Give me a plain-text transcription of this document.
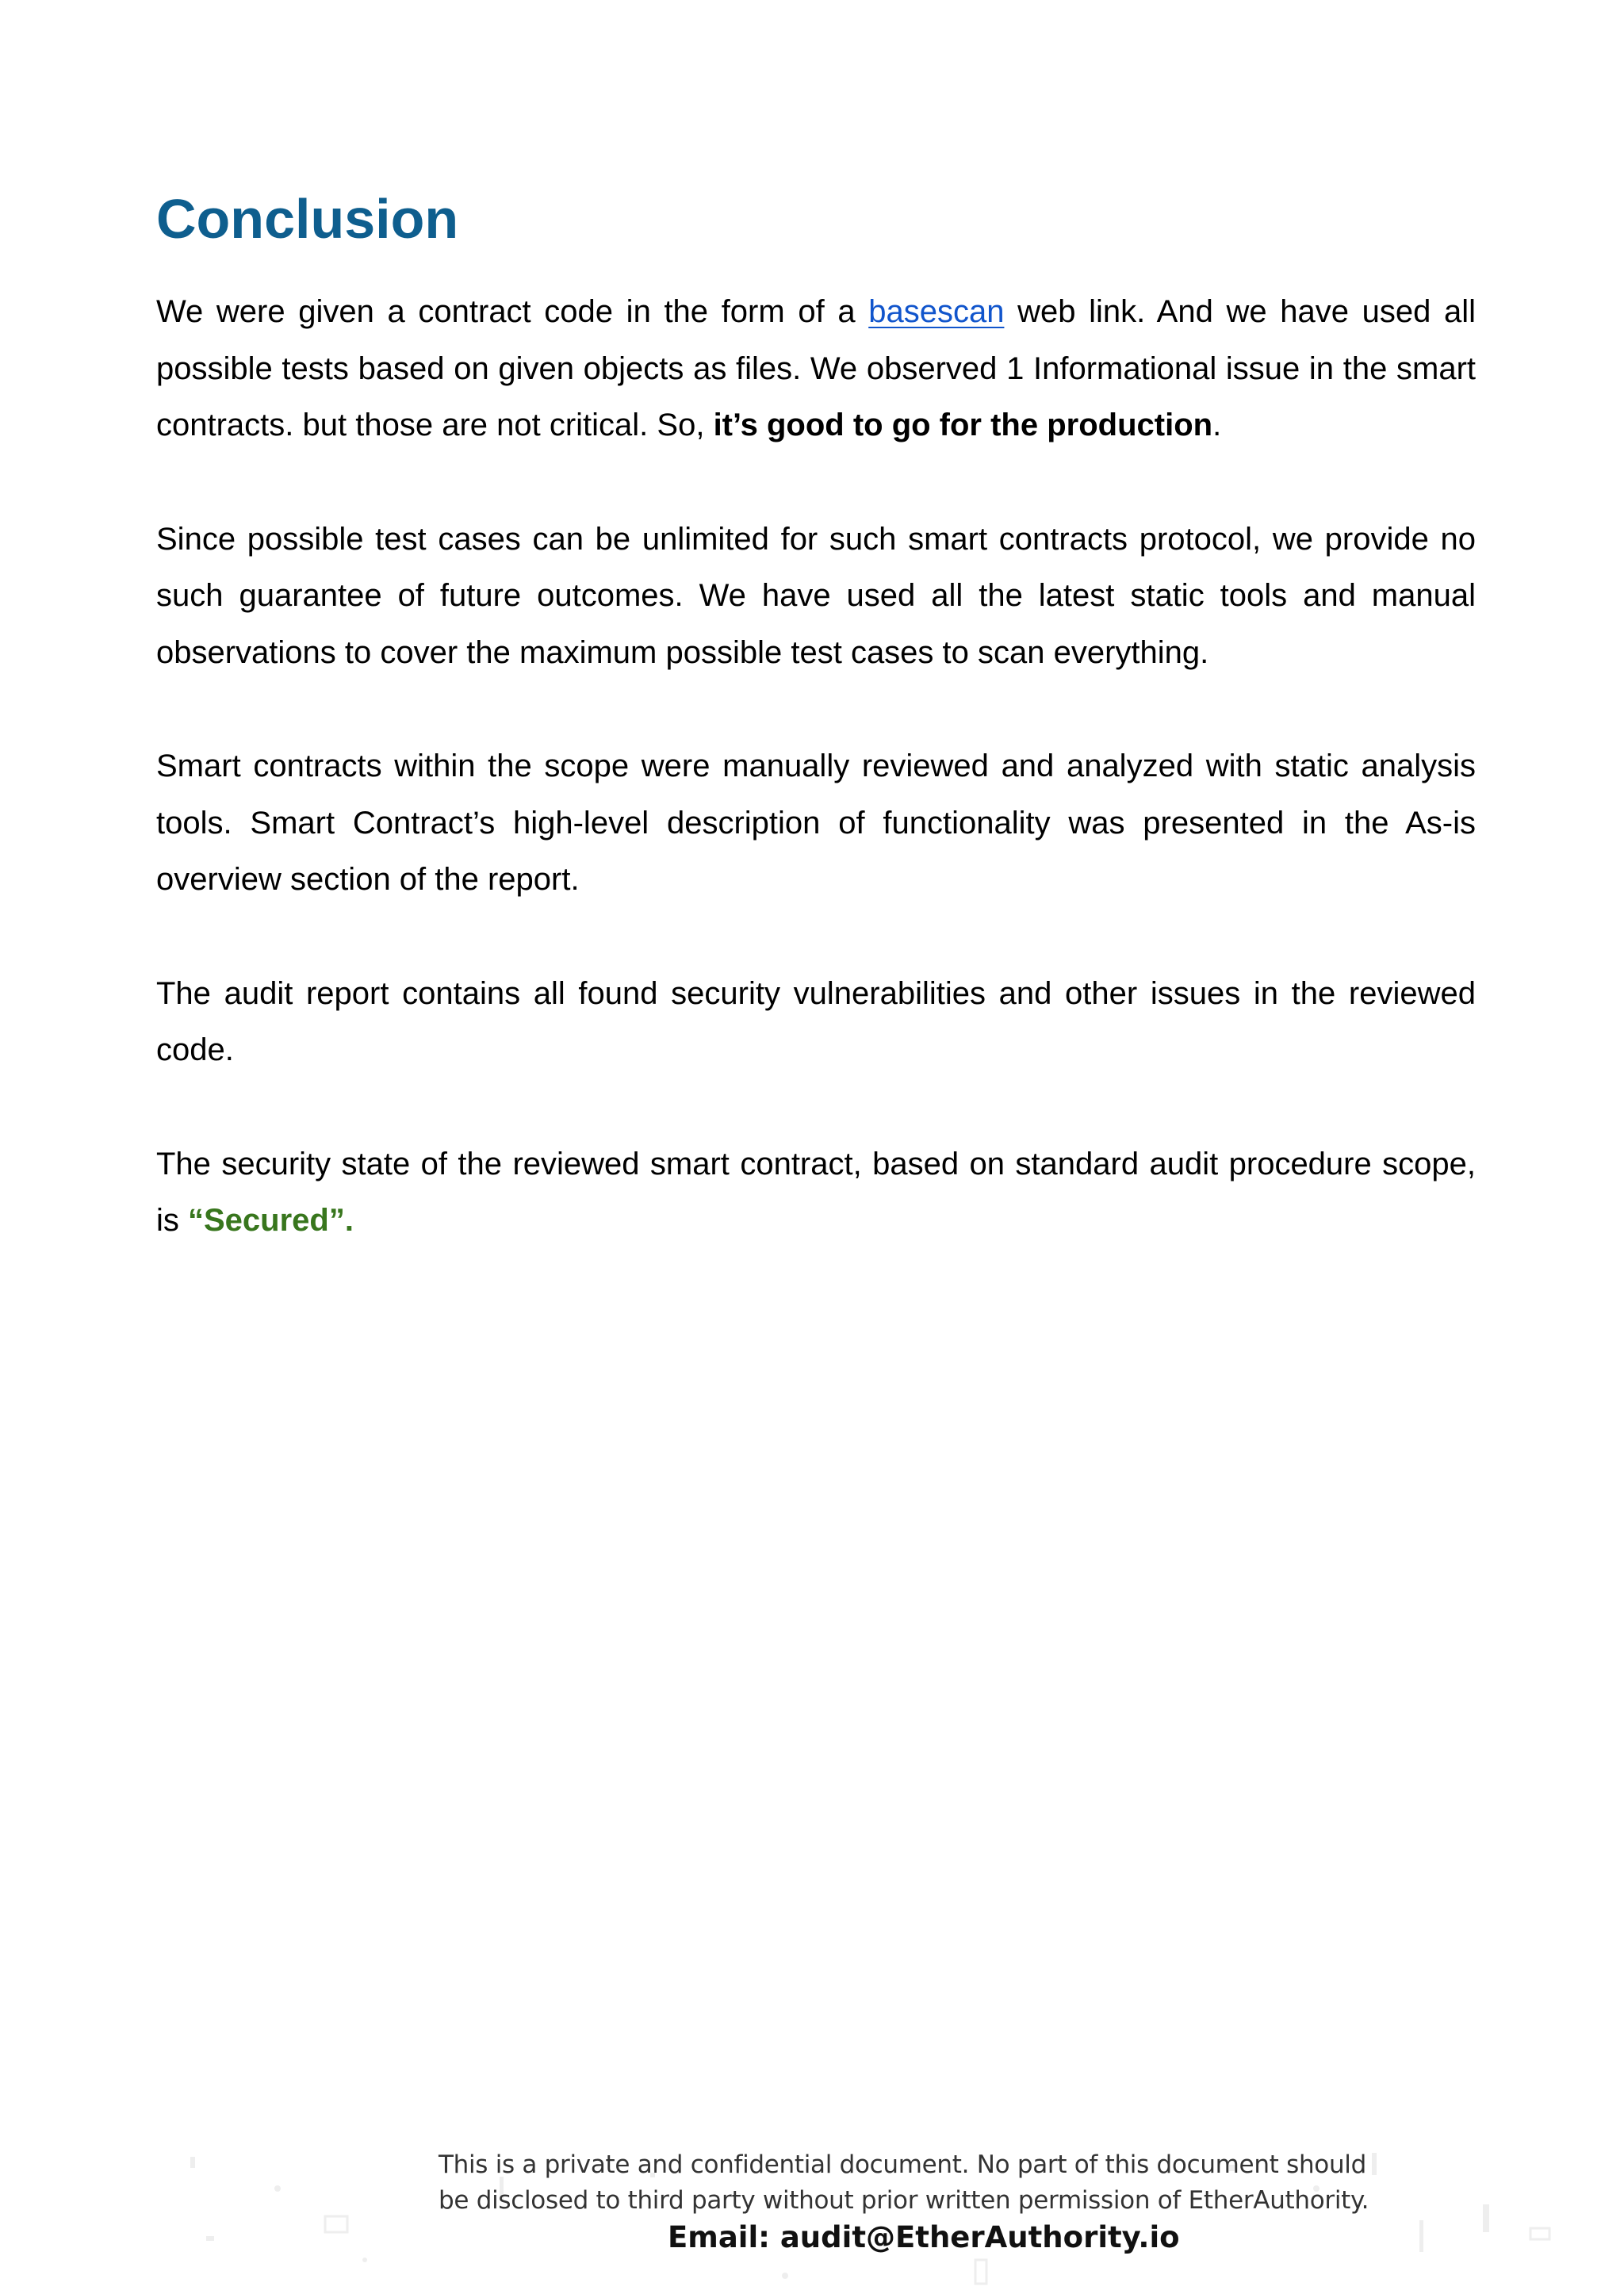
Conclusion

We were given a contract code in the form of a basescan web link. And we have used all possible tests based on given objects as files. We observed 1 Informational issue in the smart contracts. but those are not critical. So, it’s good to go for the production.

Since possible test cases can be unlimited for such smart contracts protocol, we provide no such guarantee of future outcomes. We have used all the latest static tools and manual observations to cover the maximum possible test cases to scan everything.

Smart contracts within the scope were manually reviewed and analyzed with static analysis tools. Smart Contract’s high-level description of functionality was presented in the As-is overview section of the report.

The audit report contains all found security vulnerabilities and other issues in the reviewed code.

The security state of the reviewed smart contract, based on standard audit procedure scope, is “Secured”.

This is a private and confidential document. No part of this document should
be disclosed to third party without prior written permission of EtherAuthority.
Email: audit@EtherAuthority.io
